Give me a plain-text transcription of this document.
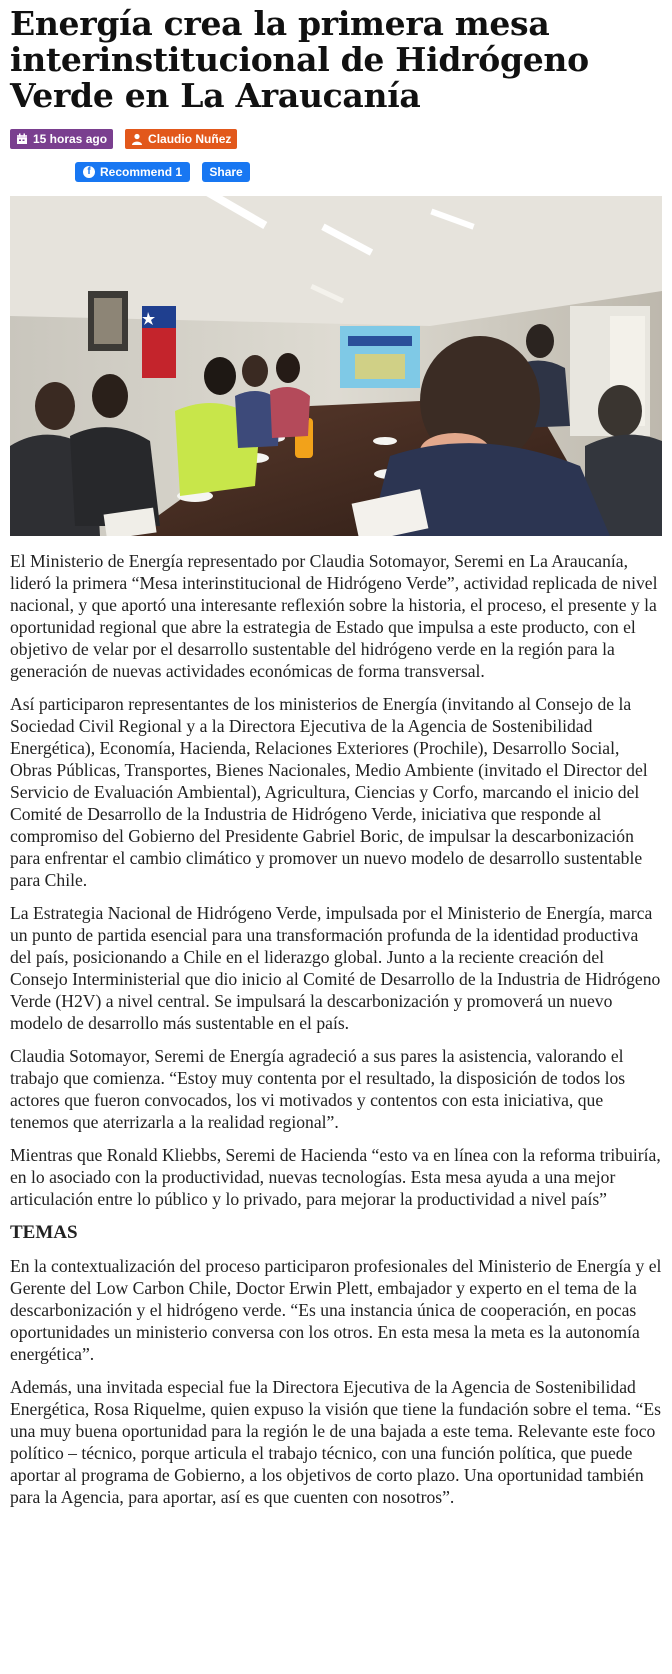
Energía crea la primera mesa interinstitucional de Hidrógeno Verde en La Araucanía
15 horas ago	Claudio Nuñez
f Recommend 1 Share

El Ministerio de Energía representado por Claudia Sotomayor, Seremi en La Araucanía, lideró la primera “Mesa interinstitucional de Hidrógeno Verde”, actividad replicada de nivel nacional, y que aportó una interesante reflexión sobre la historia, el proceso, el presente y la oportunidad regional que abre la estrategia de Estado que impulsa a este producto, con el objetivo de velar por el desarrollo sustentable del hidrógeno verde en la región para la generación de nuevas actividades económicas de forma transversal.

Así participaron representantes de los ministerios de Energía (invitando al Consejo de la Sociedad Civil Regional y a la Directora Ejecutiva de la Agencia de Sostenibilidad Energética), Economía, Hacienda, Relaciones Exteriores (Prochile), Desarrollo Social, Obras Públicas, Transportes, Bienes Nacionales, Medio Ambiente (invitado el Director del Servicio de Evaluación Ambiental), Agricultura, Ciencias y Corfo, marcando el inicio del Comité de Desarrollo de la Industria de Hidrógeno Verde, iniciativa que responde al compromiso del Gobierno del Presidente Gabriel Boric, de impulsar la descarbonización para enfrentar el cambio climático y promover un nuevo modelo de desarrollo sustentable para Chile.

La Estrategia Nacional de Hidrógeno Verde, impulsada por el Ministerio de Energía, marca un punto de partida esencial para una transformación profunda de la identidad productiva del país, posicionando a Chile en el liderazgo global. Junto a la reciente creación del Consejo Interministerial que dio inicio al Comité de Desarrollo de la Industria de Hidrógeno Verde (H2V) a nivel central. Se impulsará la descarbonización y promoverá un nuevo modelo de desarrollo más sustentable en el país.

Claudia Sotomayor, Seremi de Energía agradeció a sus pares la asistencia, valorando el trabajo que comienza. “Estoy muy contenta por el resultado, la disposición de todos los actores que fueron convocados, los vi motivados y contentos con esta iniciativa, que tenemos que aterrizarla a la realidad regional”.

Mientras que Ronald Kliebbs, Seremi de Hacienda “esto va en línea con la reforma tribuiría, en lo asociado con la productividad, nuevas tecnologías. Esta mesa ayuda a una mejor articulación entre lo público y lo privado, para mejorar la productividad a nivel país”

TEMAS

En la contextualización del proceso participaron profesionales del Ministerio de Energía y el Gerente del Low Carbon Chile, Doctor Erwin Plett, embajador y experto en el tema de la descarbonización y el hidrógeno verde. “Es una instancia única de cooperación, en pocas oportunidades un ministerio conversa con los otros. En esta mesa la meta es la autonomía energética”.

Además, una invitada especial fue la Directora Ejecutiva de la Agencia de Sostenibilidad Energética, Rosa Riquelme, quien expuso la visión que tiene la fundación sobre el tema. “Es una muy buena oportunidad para la región le de una bajada a este tema. Relevante este foco político – técnico, porque articula el trabajo técnico, con una función política, que puede aportar al programa de Gobierno, a los objetivos de corto plazo. Una oportunidad también para la Agencia, para aportar, así es que cuenten con nosotros”.
